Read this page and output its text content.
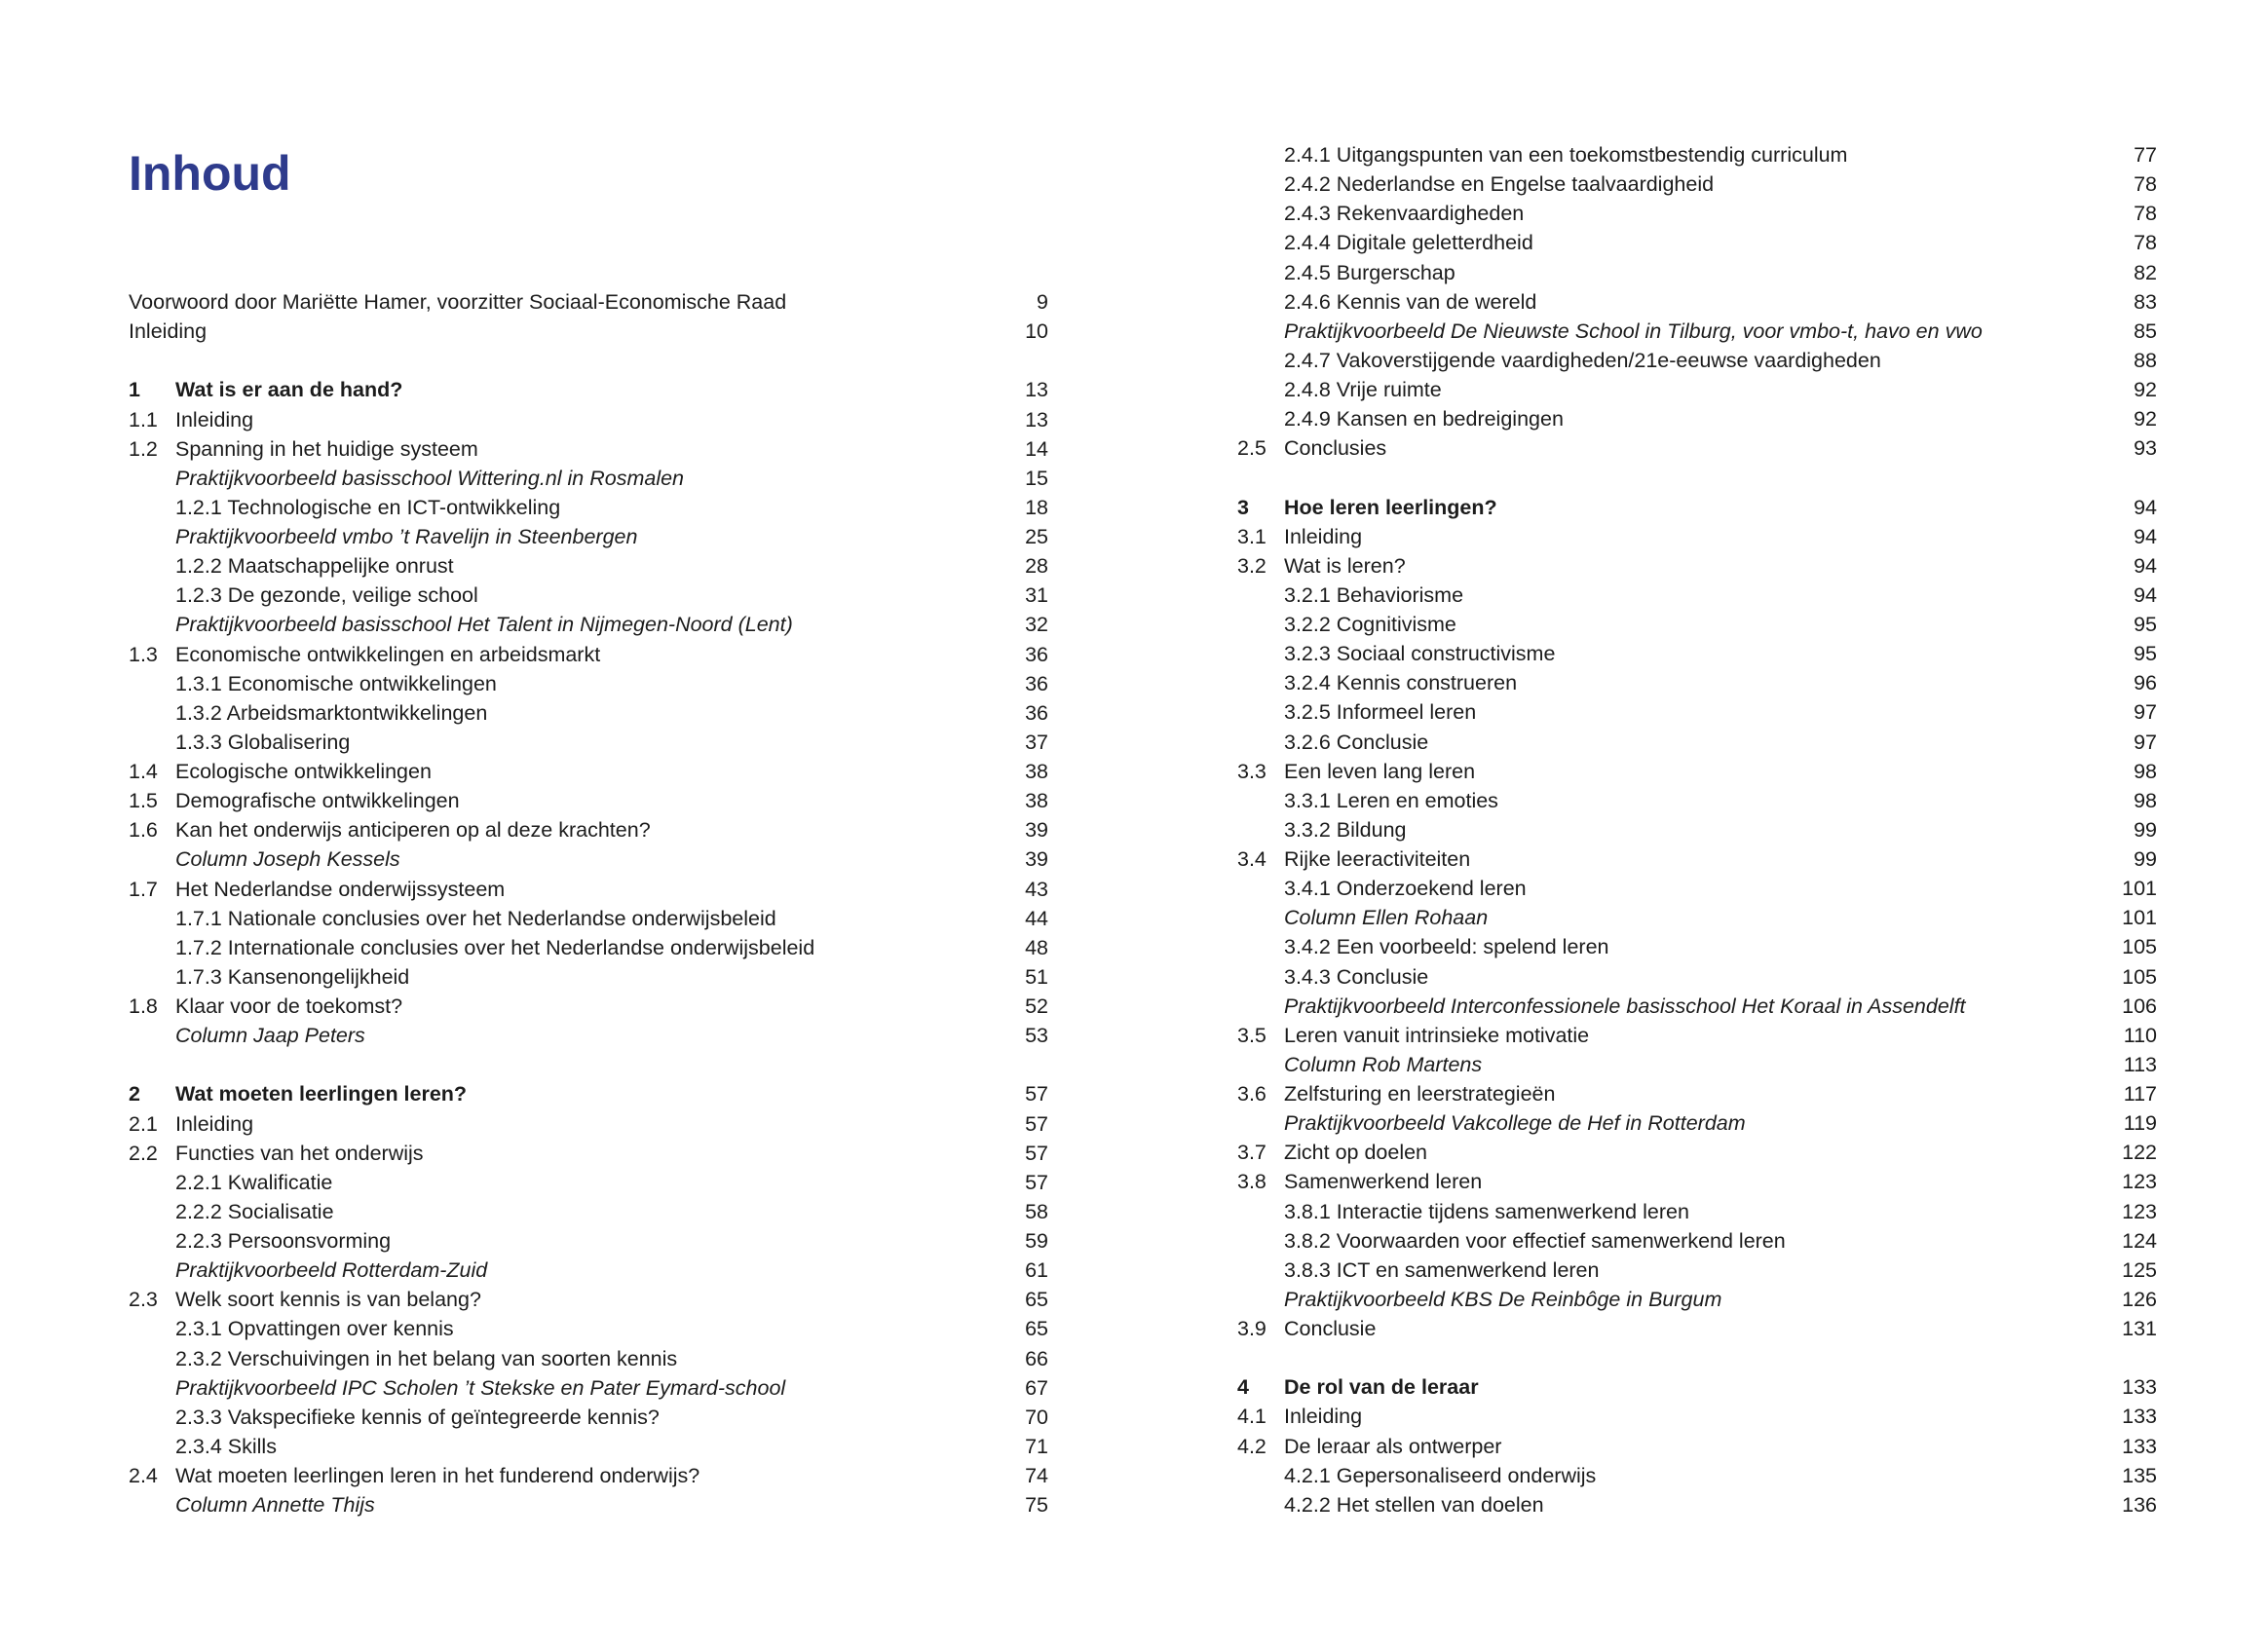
Inhoud
Voorwoord door Mariëtte Hamer, voorzitter Sociaal-Economische Raad	9
Inleiding	10
1 Wat is er aan de hand?	13
1.1 Inleiding	13
1.2 Spanning in het huidige systeem	14
Praktijkvoorbeeld basisschool Wittering.nl in Rosmalen	15
1.2.1 Technologische en ICT-ontwikkeling	18
Praktijkvoorbeeld vmbo ’t Ravelijn in Steenbergen	25
1.2.2 Maatschappelijke onrust	28
1.2.3 De gezonde, veilige school	31
Praktijkvoorbeeld basisschool Het Talent in Nijmegen-Noord (Lent)	32
1.3 Economische ontwikkelingen en arbeidsmarkt	36
1.3.1 Economische ontwikkelingen	36
1.3.2 Arbeidsmarktontwikkelingen	36
1.3.3 Globalisering	37
1.4 Ecologische ontwikkelingen	38
1.5 Demografische ontwikkelingen	38
1.6 Kan het onderwijs anticiperen op al deze krachten?	39
Column Joseph Kessels	39
1.7 Het Nederlandse onderwijssysteem	43
1.7.1 Nationale conclusies over het Nederlandse onderwijsbeleid	44
1.7.2 Internationale conclusies over het Nederlandse onderwijsbeleid	48
1.7.3 Kansenongelijkheid	51
1.8 Klaar voor de toekomst?	52
Column Jaap Peters	53
2 Wat moeten leerlingen leren?	57
2.1 Inleiding	57
2.2 Functies van het onderwijs	57
2.2.1 Kwalificatie	57
2.2.2 Socialisatie	58
2.2.3 Persoonsvorming	59
Praktijkvoorbeeld Rotterdam-Zuid	61
2.3 Welk soort kennis is van belang?	65
2.3.1 Opvattingen over kennis	65
2.3.2 Verschuivingen in het belang van soorten kennis	66
Praktijkvoorbeeld IPC Scholen ’t Stekske en Pater Eymard-school	67
2.3.3 Vakspecifieke kennis of geïntegreerde kennis?	70
2.3.4 Skills	71
2.4 Wat moeten leerlingen leren in het funderend onderwijs?	74
Column Annette Thijs	75
2.4.1 Uitgangspunten van een toekomstbestendig curriculum	77
2.4.2 Nederlandse en Engelse taalvaardigheid	78
2.4.3 Rekenvaardigheden	78
2.4.4 Digitale geletterdheid	78
2.4.5 Burgerschap	82
2.4.6 Kennis van de wereld	83
Praktijkvoorbeeld De Nieuwste School in Tilburg, voor vmbo-t, havo en vwo	85
2.4.7 Vakoverstijgende vaardigheden/21e-eeuwse vaardigheden	88
2.4.8 Vrije ruimte	92
2.4.9 Kansen en bedreigingen	92
2.5 Conclusies	93
3 Hoe leren leerlingen?	94
3.1 Inleiding	94
3.2 Wat is leren?	94
3.2.1 Behaviorisme	94
3.2.2 Cognitivisme	95
3.2.3 Sociaal constructivisme	95
3.2.4 Kennis construeren	96
3.2.5 Informeel leren	97
3.2.6 Conclusie	97
3.3 Een leven lang leren	98
3.3.1 Leren en emoties	98
3.3.2 Bildung	99
3.4 Rijke leeractiviteiten	99
3.4.1 Onderzoekend leren	101
Column Ellen Rohaan	101
3.4.2 Een voorbeeld: spelend leren	105
3.4.3 Conclusie	105
Praktijkvoorbeeld Interconfessionele basisschool Het Koraal in Assendelft	106
3.5 Leren vanuit intrinsieke motivatie	110
Column Rob Martens	113
3.6 Zelfsturing en leerstrategieën	117
Praktijkvoorbeeld Vakcollege de Hef in Rotterdam	119
3.7 Zicht op doelen	122
3.8 Samenwerkend leren	123
3.8.1 Interactie tijdens samenwerkend leren	123
3.8.2 Voorwaarden voor effectief samenwerkend leren	124
3.8.3 ICT en samenwerkend leren	125
Praktijkvoorbeeld KBS De Reinbôge in Burgum	126
3.9 Conclusie	131
4 De rol van de leraar	133
4.1 Inleiding	133
4.2 De leraar als ontwerper	133
4.2.1 Gepersonaliseerd onderwijs	135
4.2.2 Het stellen van doelen	136
